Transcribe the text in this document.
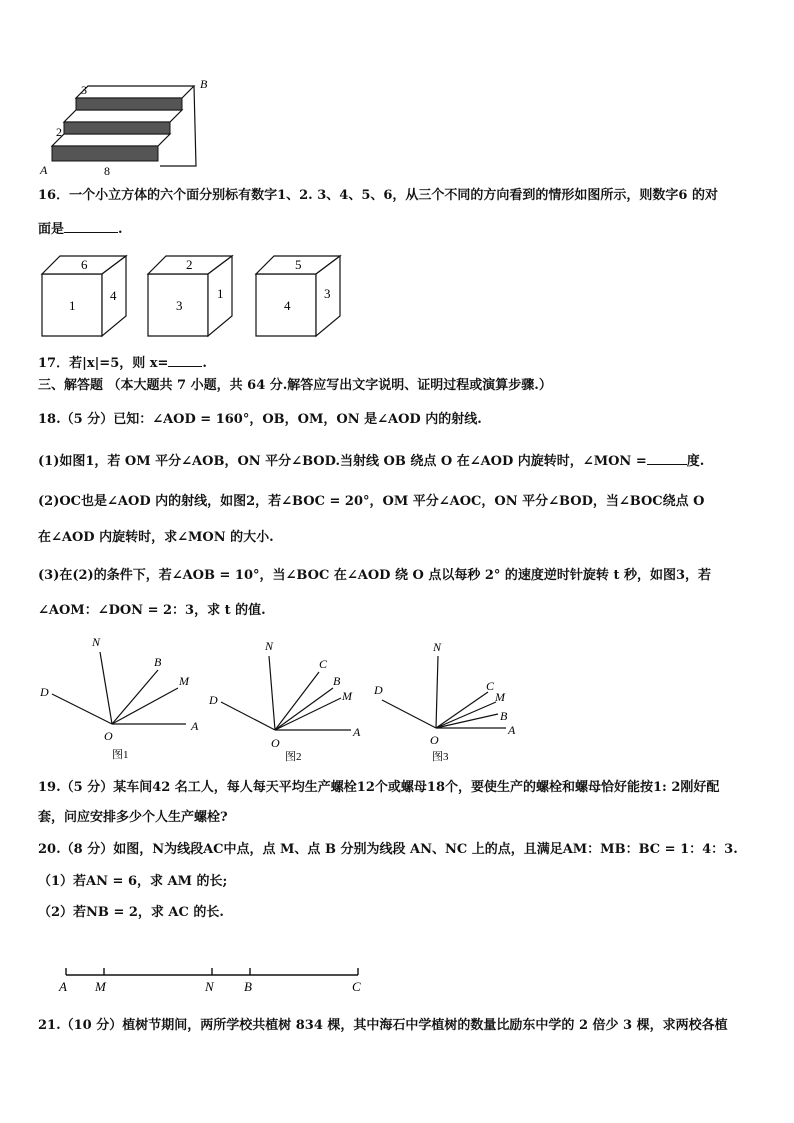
3
2
8
A
B
16．一个小立方体的六个面分别标有数字1、2. 3、4、5、6，从三个不同的方向看到的情形如图所示，则数字6 的对
面是	.
6
1
4
2
3
1
5
4
3
17．若|x|=5，则 x=	.
三、解答题 （本大题共 7 小题，共 64 分.解答应写出文字说明、证明过程或演算步骤.）
18.（5 分）已知：∠AOD = 160°，OB，OM，ON 是∠AOD 内的射线.
(1)如图1，若 OM 平分∠AOB，ON 平分∠BOD.当射线 OB 绕点 O 在∠AOD 内旋转时，∠MON =	度.
(2)OC也是∠AOD 内的射线，如图2，若∠BOC = 20°，OM 平分∠AOC，ON 平分∠BOD，当∠BOC绕点 O
在∠AOD 内旋转时，求∠MON 的大小.
(3)在(2)的条件下，若∠AOB = 10°，当∠BOC 在∠AOD 绕 O 点以每秒 2° 的速度逆时针旋转 t 秒，如图3，若
∠AOM：∠DON = 2：3，求 t 的值.
N
B
M
D
O
A
图1
N
C
B
M
D
O
A
图2
N
C
M
B
D
O
A
图3
19.（5 分）某车间42 名工人，每人每天平均生产螺栓12个或螺母18个，要使生产的螺栓和螺母恰好能按1: 2刚好配
套，问应安排多少个人生产螺栓?
20.（8 分）如图，N为线段AC中点，点 M、点 B 分别为线段 AN、NC 上的点，且满足AM：MB：BC = 1：4：3.
（1）若AN = 6，求 AM 的长;
（2）若NB = 2，求 AC 的长.
A M	N B	C
21.（10 分）植树节期间，两所学校共植树 834 棵，其中海石中学植树的数量比励东中学的 2 倍少 3 棵，求两校各植
